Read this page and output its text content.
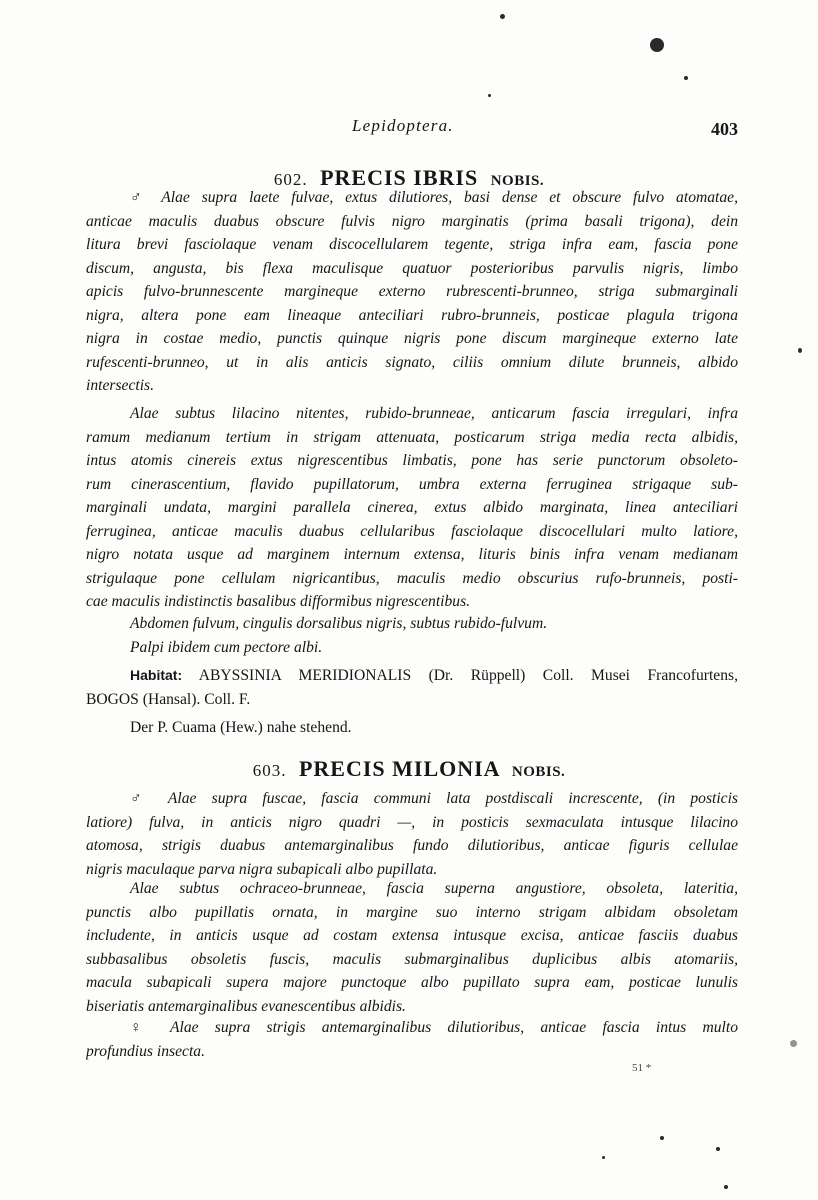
Lepidoptera.	403
602. PRECIS IBRIS NOBIS.
♂ Alae supra laete fulvae, extus dilutiores, basi dense et obscure fulvo atomatae,
anticae maculis duabus obscure fulvis nigro marginatis (prima basali trigona), dein
litura brevi fasciolaque venam discocellularem tegente, striga infra eam, fascia pone
discum, angusta, bis flexa maculisque quatuor posterioribus parvulis nigris, limbo
apicis fulvo-brunnescente margineque externo rubrescenti-brunneo, striga submarginali
nigra, altera pone eam lineaque anteciliari rubro-brunneis, posticae plagula trigona
nigra in costae medio, punctis quinque nigris pone discum margineque externo late
rufescenti-brunneo, ut in alis anticis signato, ciliis omnium dilute brunneis, albido
intersectis.
Alae subtus lilacino nitentes, rubido-brunneae, anticarum fascia irregulari, infra
ramum medianum tertium in strigam attenuata, posticarum striga media recta albidis,
intus atomis cinereis extus nigrescentibus limbatis, pone has serie punctorum obsoleto-
rum cinerascentium, flavido pupillatorum, umbra externa ferruginea strigaque sub-
marginali undata, margini parallela cinerea, extus albido marginata, linea anteciliari
ferruginea, anticae maculis duabus cellularibus fasciolaque discocellulari multo latiore,
nigro notata usque ad marginem internum extensa, lituris binis infra venam medianam
strigulaque pone cellulam nigricantibus, maculis medio obscurius rufo-brunneis, posti-
cae maculis indistinctis basalibus difformibus nigrescentibus.
Abdomen fulvum, cingulis dorsalibus nigris, subtus rubido-fulvum.
Palpi ibidem cum pectore albi.
Habitat: ABYSSINIA MERIDIONALIS (Dr. Rüppell) Coll. Musei Francofurtens,
BOGOS (Hansal). Coll. F.
Der P. Cuama (Hew.) nahe stehend.
603. PRECIS MILONIA NOBIS.
♂ Alae supra fuscae, fascia communi lata postdiscali increscente, (in posticis
latiore) fulva, in anticis nigro quadri —, in posticis sexmaculata intusque lilacino
atomosa, strigis duabus antemarginalibus fundo dilutioribus, anticae figuris cellulae
nigris maculaque parva nigra subapicali albo pupillata.
Alae subtus ochraceo-brunneae, fascia superna angustiore, obsoleta, lateritia,
punctis albo pupillatis ornata, in margine suo interno strigam albidam obsoletam
includente, in anticis usque ad costam extensa intusque excisa, anticae fasciis duabus
subbasalibus obsoletis fuscis, maculis submarginalibus duplicibus albis atomariis,
macula subapicali supera majore punctoque albo pupillato supra eam, posticae lunulis
biseriatis antemarginalibus evanescentibus albidis.
♀ Alae supra strigis antemarginalibus dilutioribus, anticae fascia intus multo
profundius insecta.
51 *
